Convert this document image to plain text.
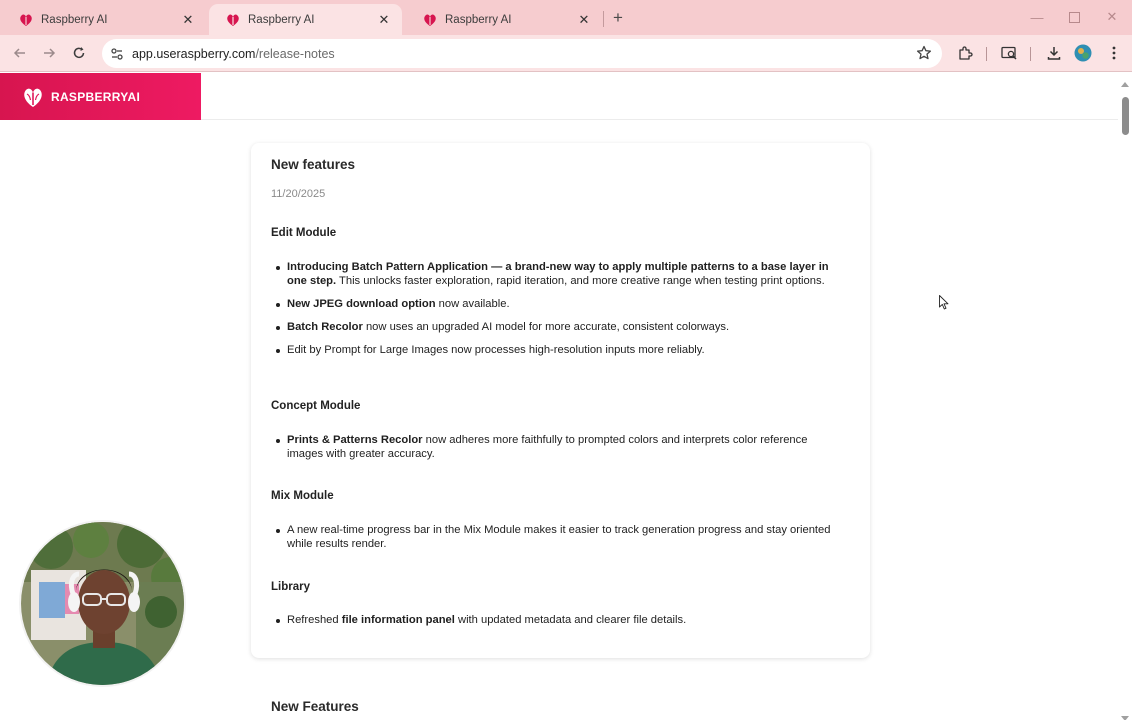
Raspberry AI	✕	Raspberry AI	✕	Raspberry AI	✕ +	—	✕
app.useraspberry.com/release-notes
RASPBERRYAI
New features
11/20/2025
Edit Module
Introducing Batch Pattern Application — a brand-new way to apply multiple patterns to a base layer in one step. This unlocks faster exploration, rapid iteration, and more creative range when testing print options.
New JPEG download option now available.
Batch Recolor now uses an upgraded AI model for more accurate, consistent colorways.
Edit by Prompt for Large Images now processes high-resolution inputs more reliably.
Concept Module
Prints & Patterns Recolor now adheres more faithfully to prompted colors and interprets color reference images with greater accuracy.
Mix Module
A new real-time progress bar in the Mix Module makes it easier to track generation progress and stay oriented while results render.
Library
Refreshed file information panel with updated metadata and clearer file details.
New Features
